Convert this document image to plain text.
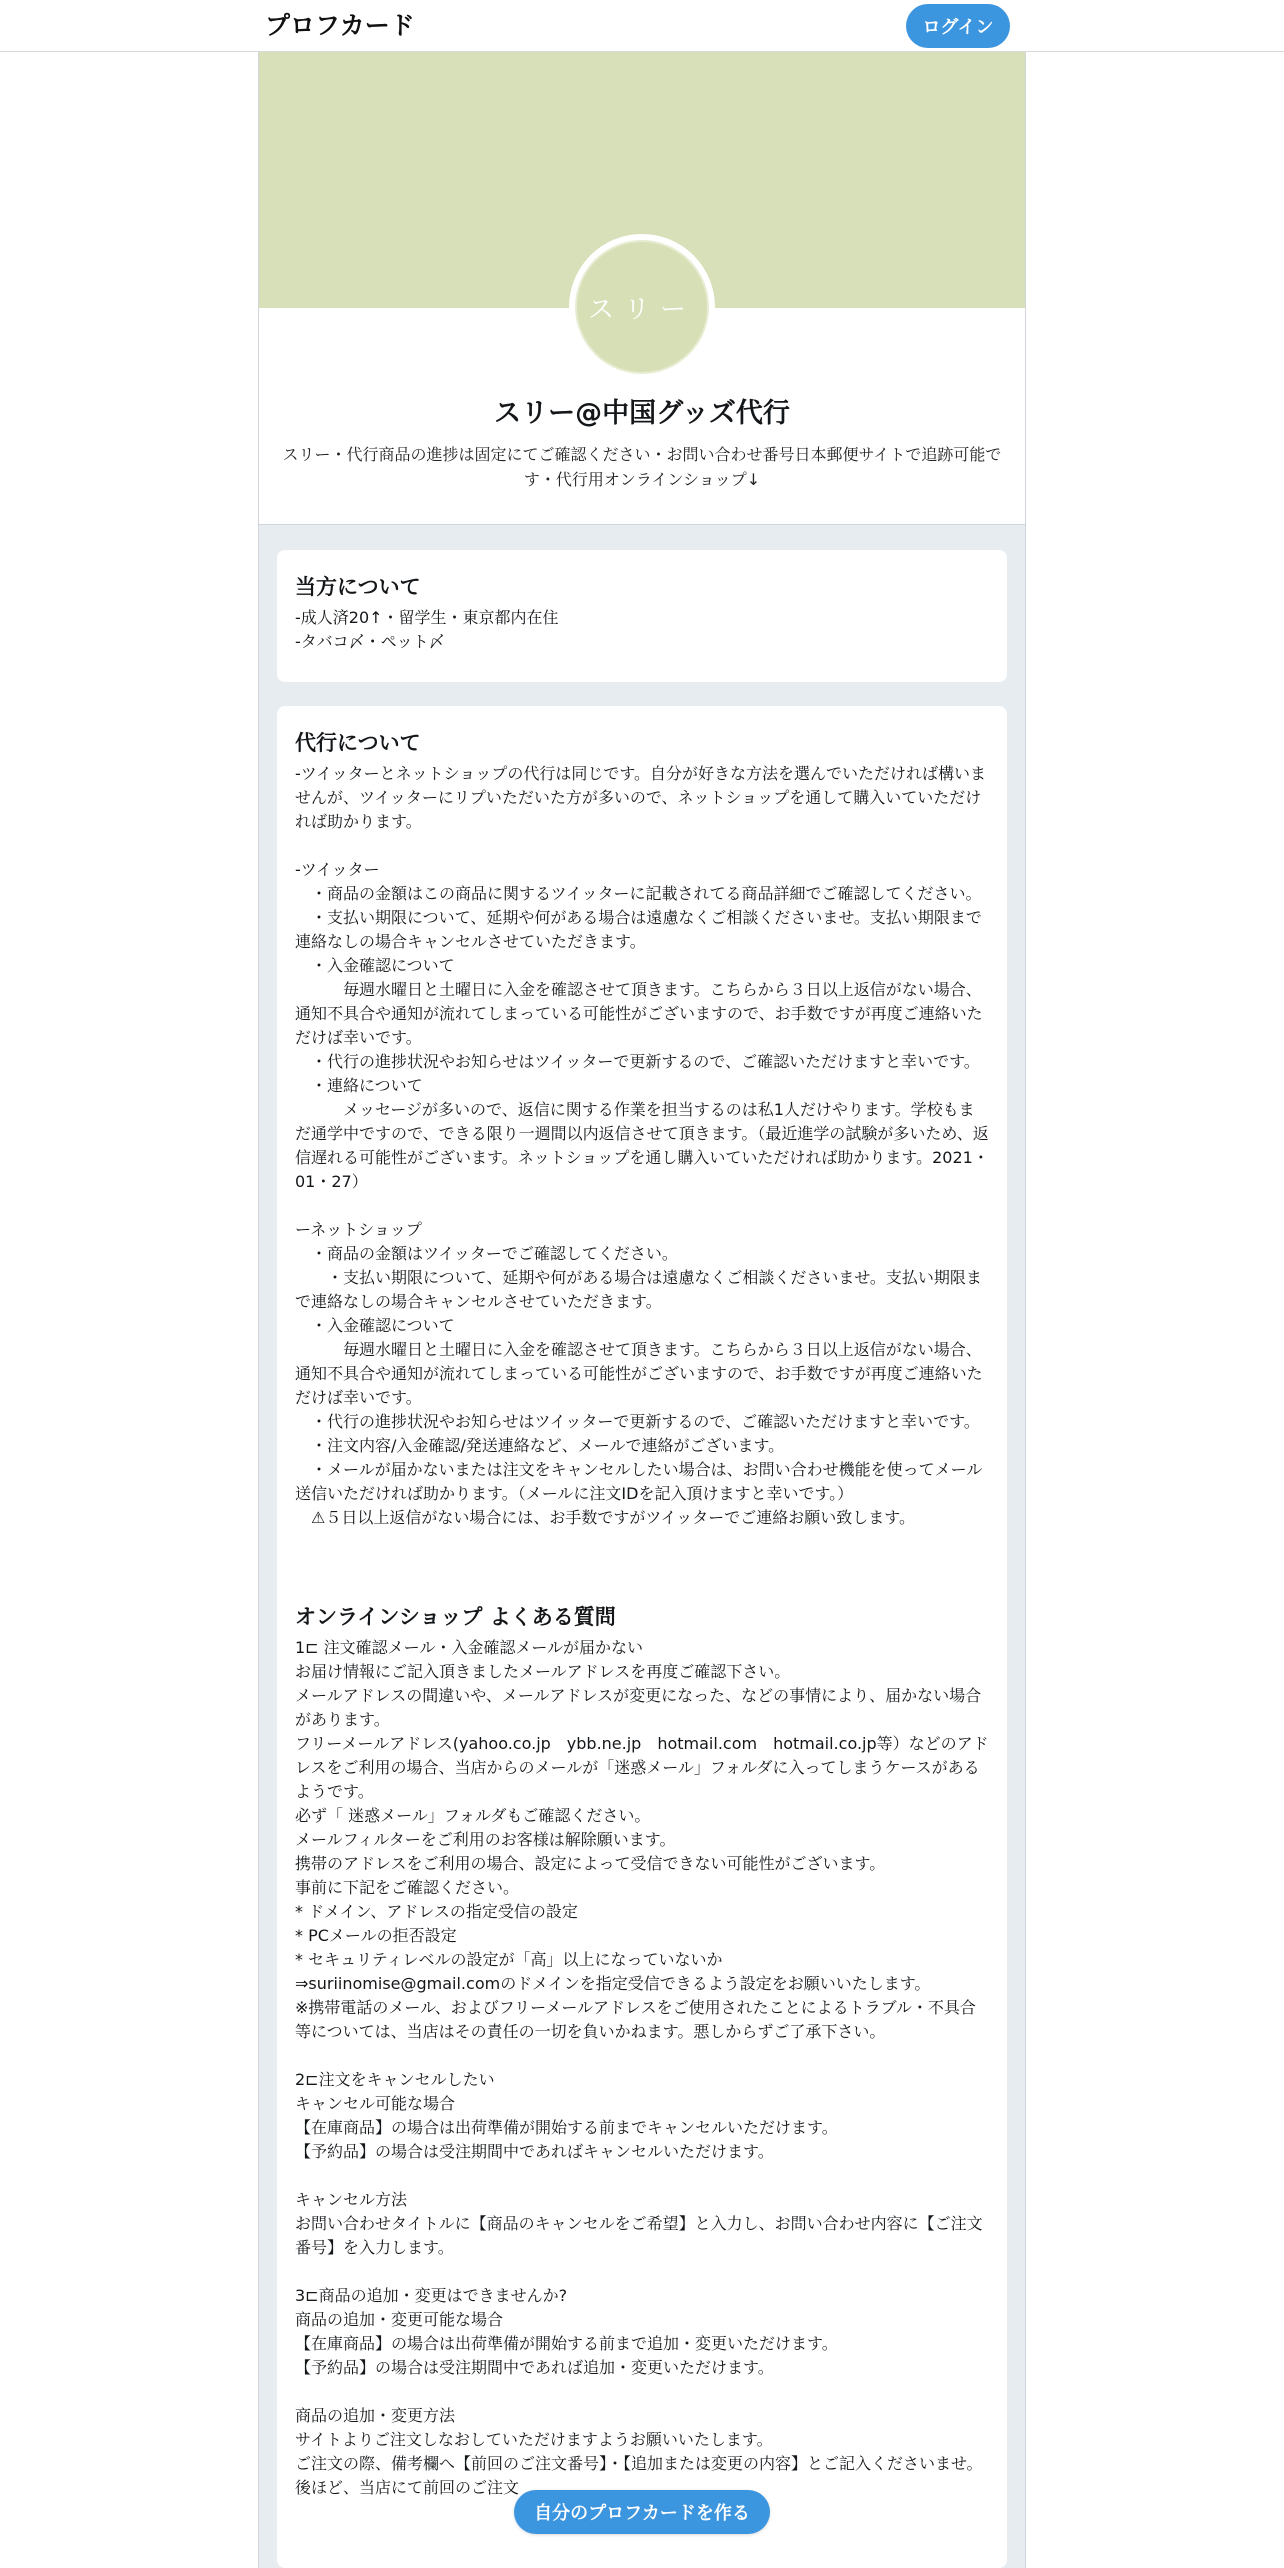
プロフカード	ログイン
スリー
スリー@中国グッズ代行
スリー・代行商品の進捗は固定にてご確認ください・お問い合わせ番号日本郵便サイトで追跡可能です・代行用オンラインショップ↓
当方について
-成人済20↑・留学生・東京都内在住
-タバコ〆・ペット〆
代行について
-ツイッターとネットショップの代行は同じです。自分が好きな方法を選んでいただければ構いませんが、ツイッターにリプいただいた方が多いので、ネットショップを通して購入いていただければ助かります。

-ツイッター
　・商品の金額はこの商品に関するツイッターに記載されてる商品詳細でご確認してください。
　・支払い期限について、延期や何がある場合は遠慮なくご相談くださいませ。支払い期限まで連絡なしの場合キャンセルさせていただきます。
　・入金確認について
　　　毎週水曜日と土曜日に入金を確認させて頂きます。こちらから３日以上返信がない場合、通知不具合や通知が流れてしまっている可能性がございますので、お手数ですが再度ご連絡いただけば幸いです。
　・代行の進捗状況やお知らせはツイッターで更新するので、ご確認いただけますと幸いです。
　・連絡について
　　　メッセージが多いので、返信に関する作業を担当するのは私1人だけやります。学校もまだ通学中ですので、できる限り一週間以内返信させて頂きます。（最近進学の試験が多いため、返信遅れる可能性がございます。ネットショップを通し購入いていただければ助かります。2021・01・27）

ーネットショップ
　・商品の金額はツイッターでご確認してください。
　　・支払い期限について、延期や何がある場合は遠慮なくご相談くださいませ。支払い期限まで連絡なしの場合キャンセルさせていただきます。
　・入金確認について
　　　毎週水曜日と土曜日に入金を確認させて頂きます。こちらから３日以上返信がない場合、通知不具合や通知が流れてしまっている可能性がございますので、お手数ですが再度ご連絡いただけば幸いです。
　・代行の進捗状況やお知らせはツイッターで更新するので、ご確認いただけますと幸いです。
　・注文内容/入金確認/発送連絡など、メールで連絡がございます。
　・メールが届かないまたは注文をキャンセルしたい場合は、お問い合わせ機能を使ってメール送信いただければ助かります。（メールに注文IDを記入頂けますと幸いです。）
　⚠５日以上返信がない場合には、お手数ですがツイッターでご連絡お願い致します。
オンラインショップ よくある質問
1⊏ 注文確認メール・入金確認メールが届かない
お届け情報にご記入頂きましたメールアドレスを再度ご確認下さい。
メールアドレスの間違いや、メールアドレスが変更になった、などの事情により、届かない場合があります。
フリーメールアドレス(yahoo.co.jp　ybb.ne.jp　hotmail.com　hotmail.co.jp等）などのアドレスをご利用の場合、当店からのメールが「迷惑メール」フォルダに入ってしまうケースがあるようです。
必ず「 迷惑メール」フォルダもご確認ください。
メールフィルターをご利用のお客様は解除願います。
携帯のアドレスをご利用の場合、設定によって受信できない可能性がございます。
事前に下記をご確認ください。
* ドメイン、アドレスの指定受信の設定
* PCメールの拒否設定
* セキュリティレベルの設定が「高」以上になっていないか
⇒suriinomise@gmail.comのドメインを指定受信できるよう設定をお願いいたします。
※携帯電話のメール、およびフリーメールアドレスをご使用されたことによるトラブル・不具合等については、当店はその責任の一切を負いかねます。悪しからずご了承下さい。

2⊏注文をキャンセルしたい
キャンセル可能な場合
【在庫商品】の場合は出荷準備が開始する前までキャンセルいただけます。
【予約品】の場合は受注期間中であればキャンセルいただけます。

キャンセル方法
お問い合わせタイトルに【商品のキャンセルをご希望】と入力し、お問い合わせ内容に【ご注文番号】を入力します。

3⊏商品の追加・変更はできませんか?
商品の追加・変更可能な場合
【在庫商品】の場合は出荷準備が開始する前まで追加・変更いただけます。
【予約品】の場合は受注期間中であれば追加・変更いただけます。

商品の追加・変更方法
サイトよりご注文しなおしていただけますようお願いいたします。
ご注文の際、備考欄へ【前回のご注文番号】・【追加または変更の内容】とご記入くださいませ。
後ほど、当店にて前回のご注文
自分のプロフカードを作る
